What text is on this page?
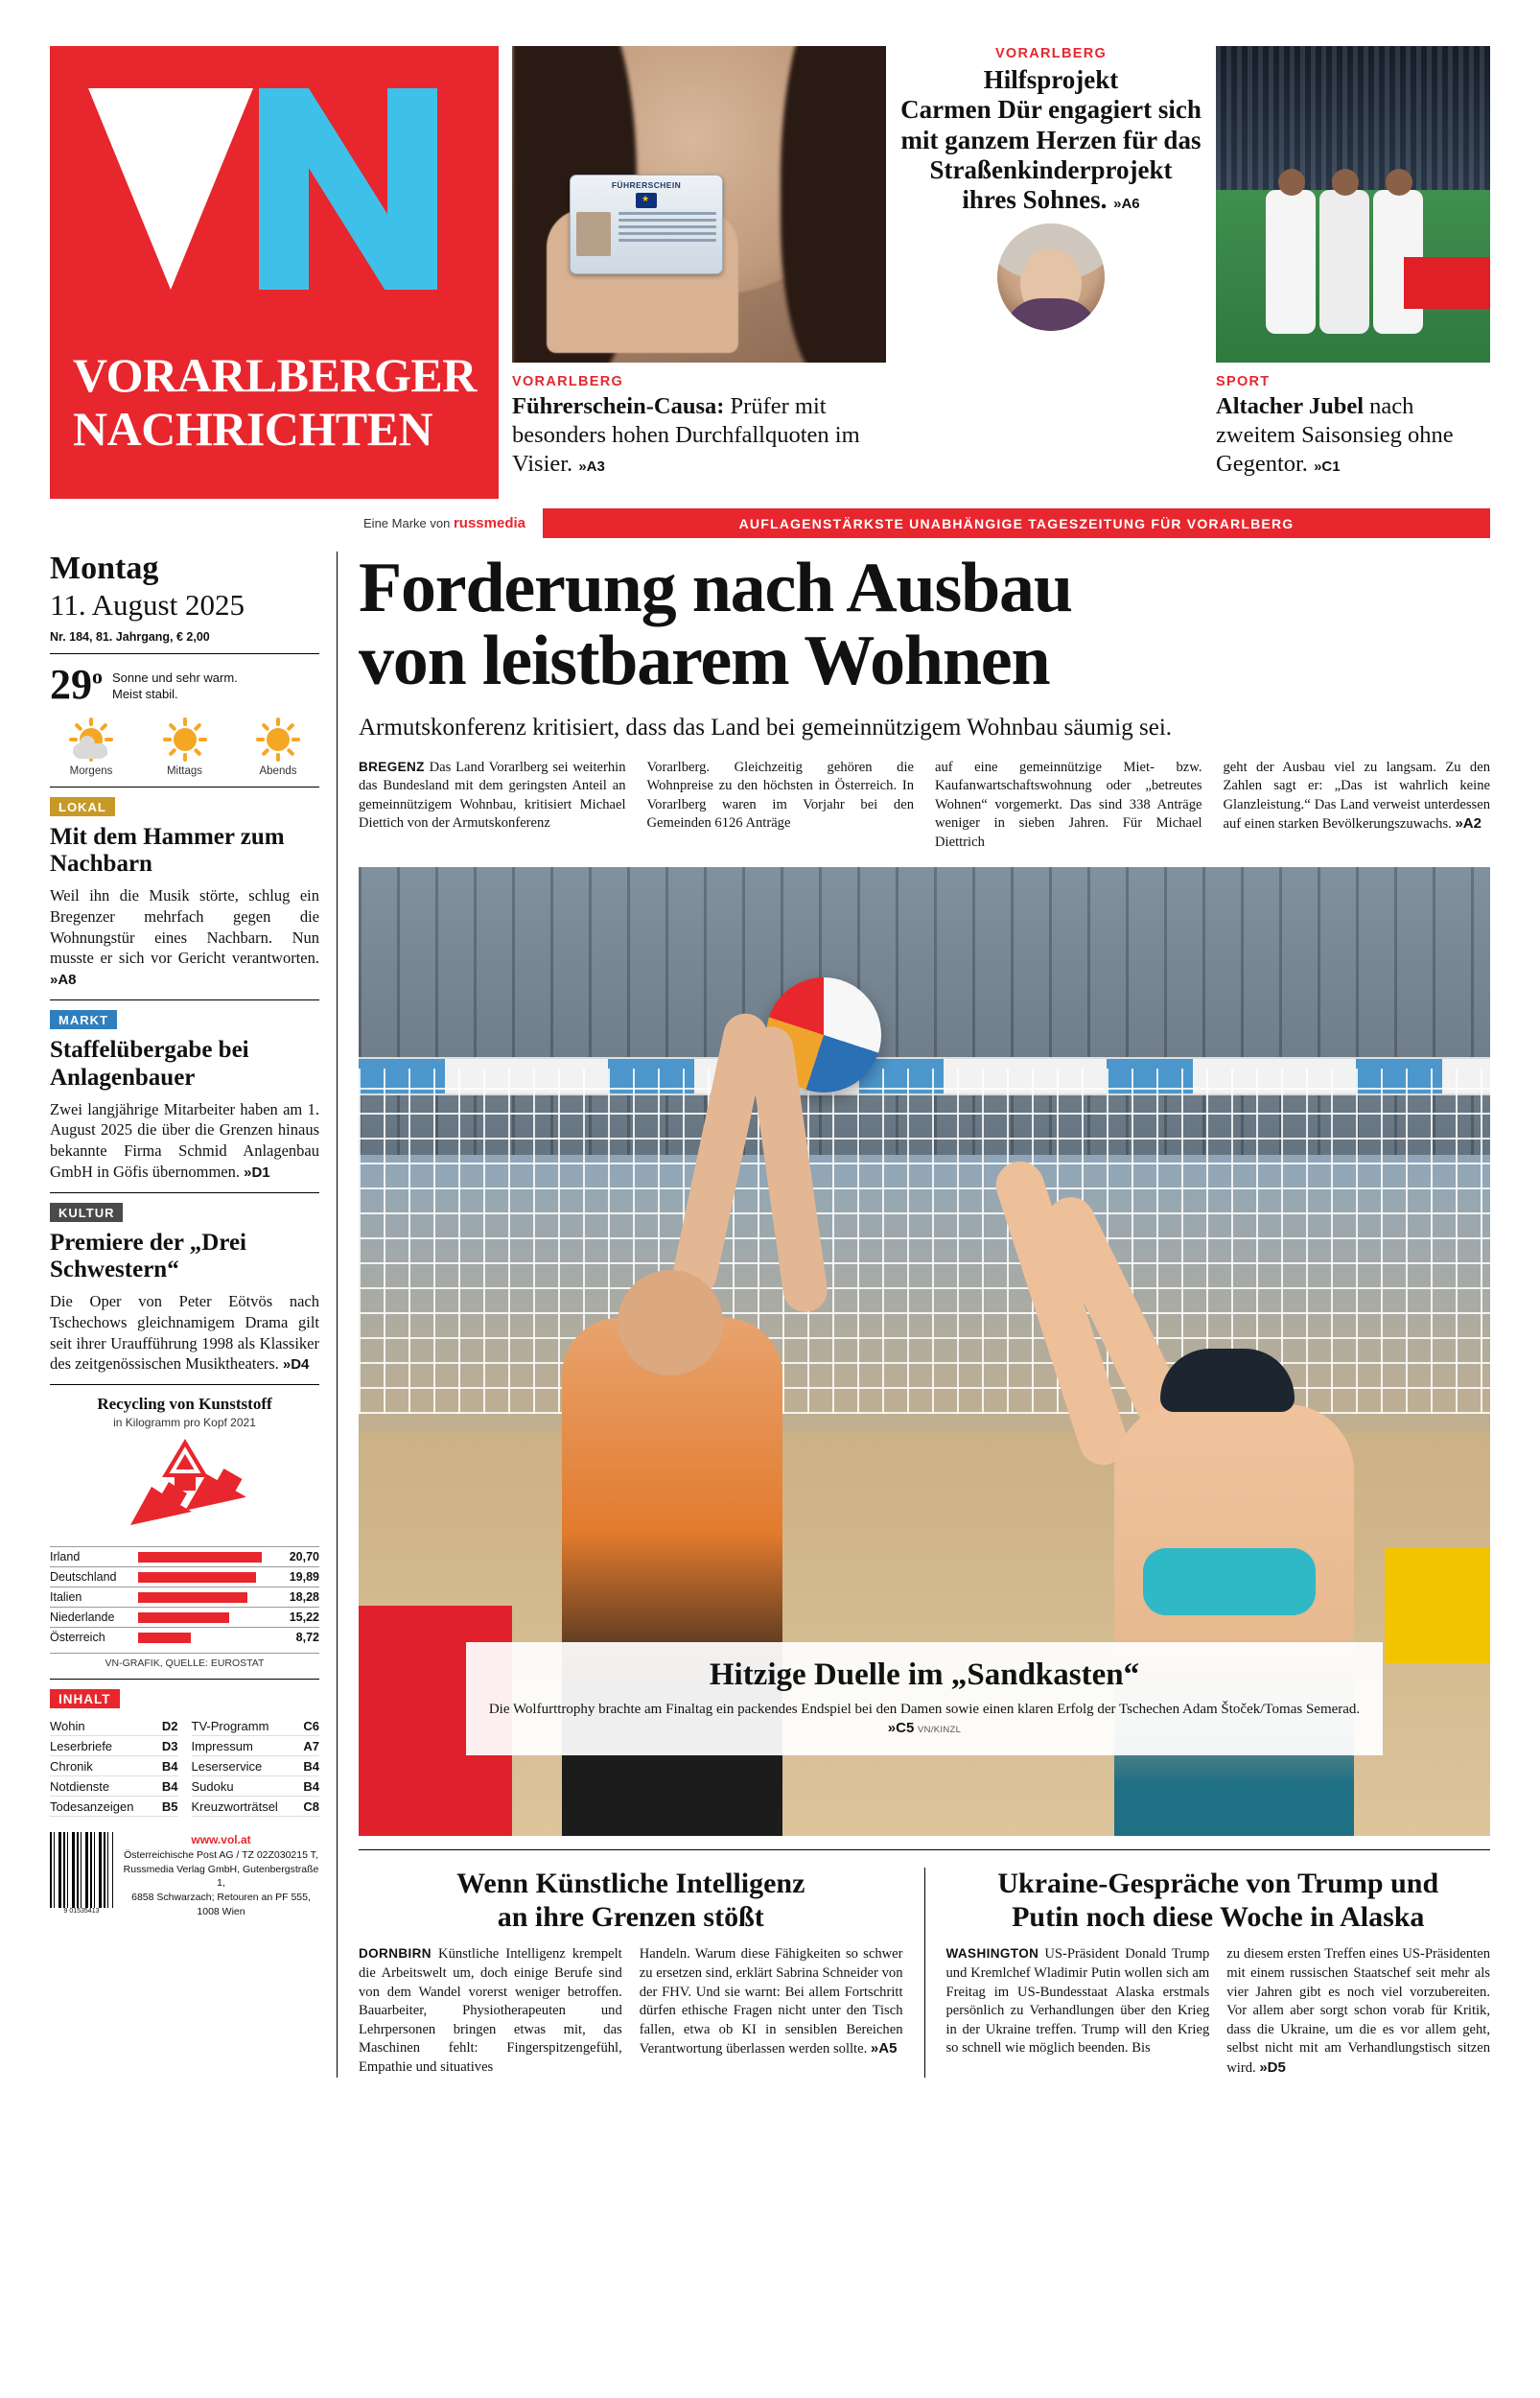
VORARLBERGER
NACHRICHTEN
FÜHRERSCHEIN
★
VORARLBERG
Hilfsprojekt
Carmen Dür engagiert sich mit ganzem Herzen für das Straßenkinderprojekt ihres Sohnes. »A6
VORARLBERG
Führerschein-Causa: Prüfer mit besonders hohen Durchfallquoten im Visier. »A3
SPORT
Altacher Jubel nach zweitem Saisonsieg ohne Gegentor. »C1
Eine Marke von russmedia	AUFLAGENSTÄRKSTE UNABHÄNGIGE TAGESZEITUNG FÜR VORARLBERG
Montag
11. August 2025
Nr. 184, 81. Jahrgang, € 2,00
29$^o$ Sonne und sehr warm.
Meist stabil.
Morgens	Mittags	Abends
LOKAL
Mit dem Hammer zum Nachbarn
Weil ihn die Musik störte, schlug ein Bregenzer mehrfach gegen die Wohnungstür eines Nachbarn. Nun musste er sich vor Gericht verantworten. »A8
MARKT
Staffelübergabe bei Anlagenbauer
Zwei langjährige Mitarbeiter haben am 1. August 2025 die über die Grenzen hinaus bekannte Firma Schmid Anlagenbau GmbH in Göfis übernommen. »D1
KULTUR
Premiere der „Drei Schwestern“
Die Oper von Peter Eötvös nach Tschechows gleichnamigem Drama gilt seit ihrer Uraufführung 1998 als Klassiker des zeitgenössischen Musiktheaters. »D4
Recycling von Kunststoff
in Kilogramm pro Kopf 2021
Irland	20,70
Deutschland	19,89
Italien	18,28
Niederlande	15,22
Österreich	8,72
VN-GRAFIK, QUELLE: EUROSTAT
INHALT
Wohin	D2
Leserbriefe	D3
Chronik	B4
Notdienste	B4
Todesanzeigen B5
TV-Programm	C6
Impressum	A7
Leserservice	B4
Sudoku	B4
Kreuzworträtsel C8
9 01535413
www.vol.at
Österreichische Post AG / TZ 02Z030215 T,
Russmedia Verlag GmbH, Gutenbergstraße 1,
6858 Schwarzach; Retouren an PF 555, 1008 Wien
Forderung nach Ausbau
von leistbarem Wohnen
Armutskonferenz kritisiert, dass das Land bei gemeinnützigem Wohnbau säumig sei.
BREGENZ Das Land Vorarlberg sei weiterhin das Bundesland mit dem geringsten Anteil an gemeinnützigem Wohnbau, kritisiert Michael Diettich von der Armutskonferenz
Vorarlberg. Gleichzeitig gehören die Wohnpreise zu den höchsten in Österreich. In Vorarlberg waren im Vorjahr bei den Gemeinden 6126 Anträge
auf eine gemeinnützige Miet- bzw. Kaufanwartschaftswohnung oder „betreutes Wohnen“ vorgemerkt. Das sind 338 Anträge weniger in sieben Jahren. Für Michael Diettrich
geht der Ausbau viel zu langsam. Zu den Zahlen sagt er: „Das ist wahrlich keine Glanzleistung.“ Das Land verweist unterdessen auf einen starken Bevölkerungszuwachs. »A2
Hitzige Duelle im „Sandkasten“
Die Wolfurttrophy brachte am Finaltag ein packendes Endspiel bei den Damen sowie einen klaren Erfolg der Tschechen Adam Štoček/Tomas Semerad. »C5 VN/KINZL
Wenn Künstliche Intelligenz
an ihre Grenzen stößt
DORNBIRN Künstliche Intelligenz krempelt die Arbeitswelt um, doch einige Berufe sind von dem Wandel vorerst weniger betroffen. Bauarbeiter, Physiotherapeuten und Lehrpersonen bringen etwas mit, das Maschinen fehlt: Fingerspitzengefühl, Empathie und situatives
Handeln. Warum diese Fähigkeiten so schwer zu ersetzen sind, erklärt Sabrina Schneider von der FHV. Und sie warnt: Bei allem Fortschritt dürfen ethische Fragen nicht unter den Tisch fallen, etwa ob KI in sensiblen Bereichen Verantwortung überlassen werden sollte. »A5
Ukraine-Gespräche von Trump und
Putin noch diese Woche in Alaska
WASHINGTON US-Präsident Donald Trump und Kremlchef Wladimir Putin wollen sich am Freitag im US-Bundesstaat Alaska erstmals persönlich zu Verhandlungen über den Krieg in der Ukraine treffen. Trump will den Krieg so schnell wie möglich beenden. Bis
zu diesem ersten Treffen eines US-Präsidenten mit einem russischen Staatschef seit mehr als vier Jahren gibt es noch viel vorzubereiten. Vor allem aber sorgt schon vorab für Kritik, dass die Ukraine, um die es vor allem geht, selbst nicht mit am Verhandlungstisch sitzen wird. »D5
